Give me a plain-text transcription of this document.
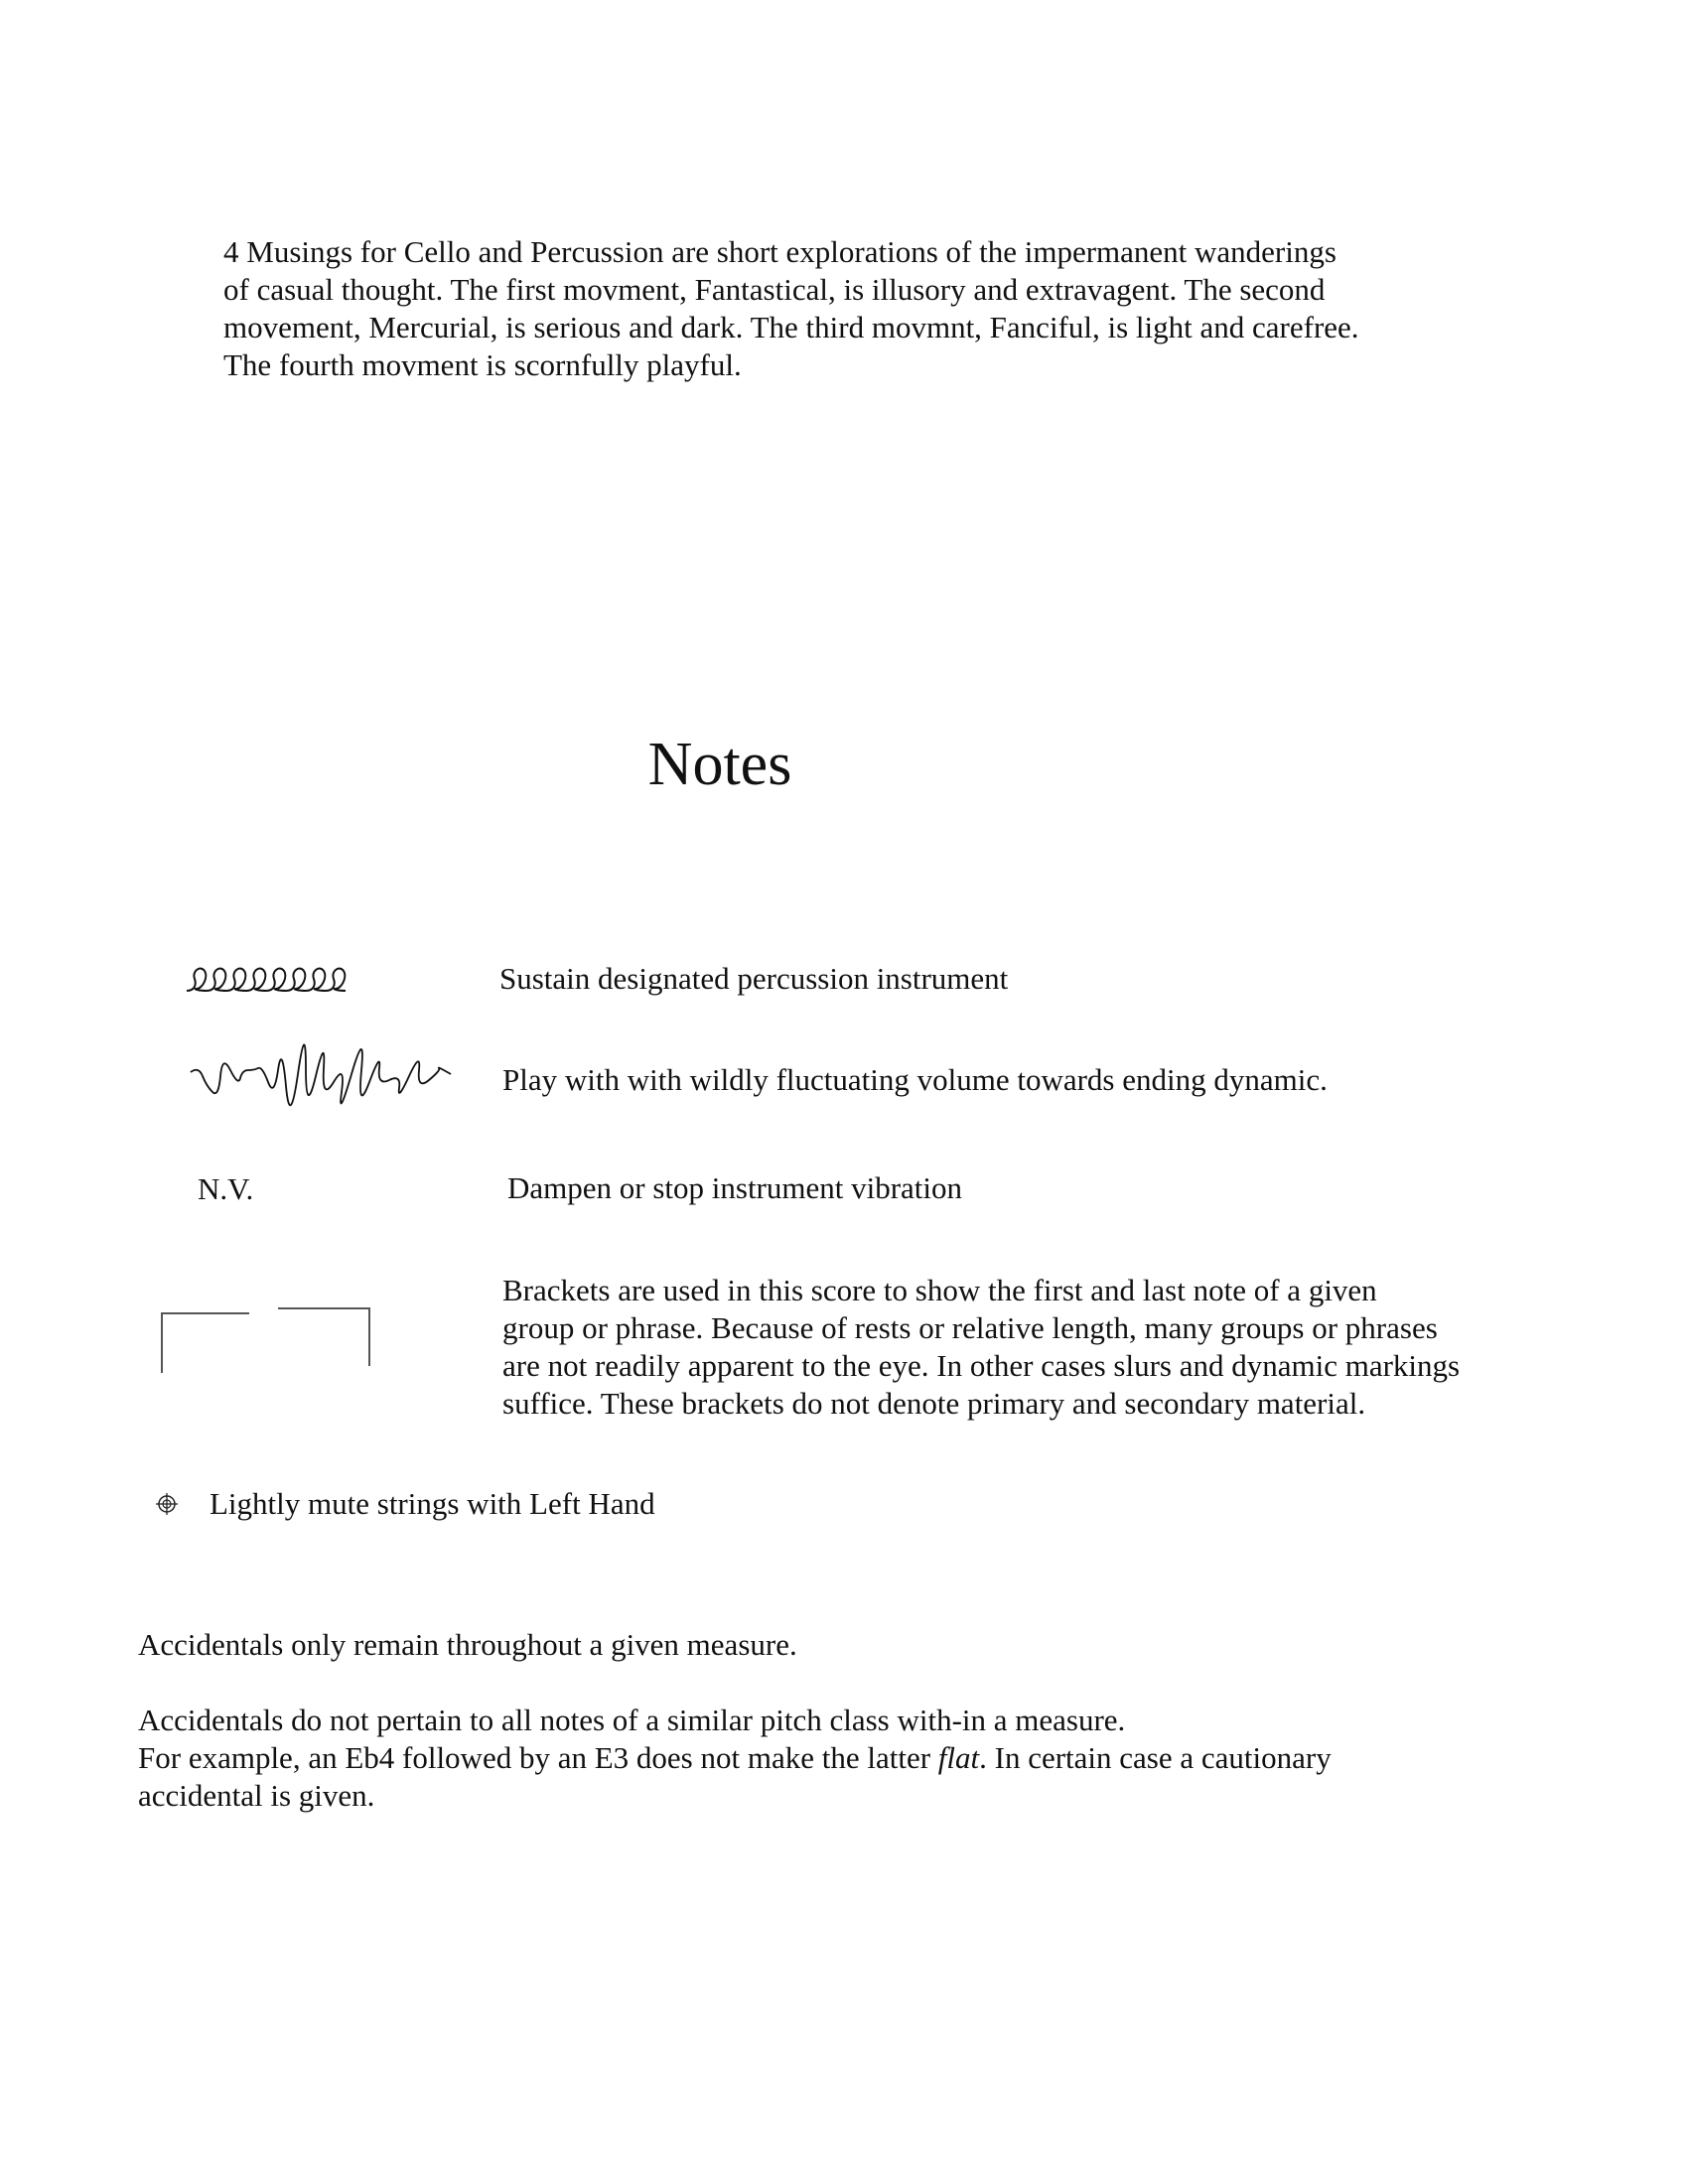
4 Musings for Cello and Percussion are short explorations of the impermanent wanderings
of casual thought. The first movment, Fantastical, is illusory and extravagent. The second
movement, Mercurial, is serious and dark. The third movmnt, Fanciful, is light and carefree.
The fourth movment is scornfully playful.
Notes
Sustain designated percussion instrument
Play with with wildly fluctuating volume towards ending dynamic.
N.V.	Dampen or stop instrument vibration
Brackets are used in this score to show the first and last note of a given
group or phrase. Because of rests or relative length, many groups or phrases
are not readily apparent to the eye. In other cases slurs and dynamic markings
suffice. These brackets do not denote primary and secondary material.
Lightly mute strings with Left Hand
Accidentals only remain throughout a given measure.
Accidentals do not pertain to all notes of a similar pitch class with-in a measure.
For example, an Eb4 followed by an E3 does not make the latter flat. In certain case a cautionary
accidental is given.
